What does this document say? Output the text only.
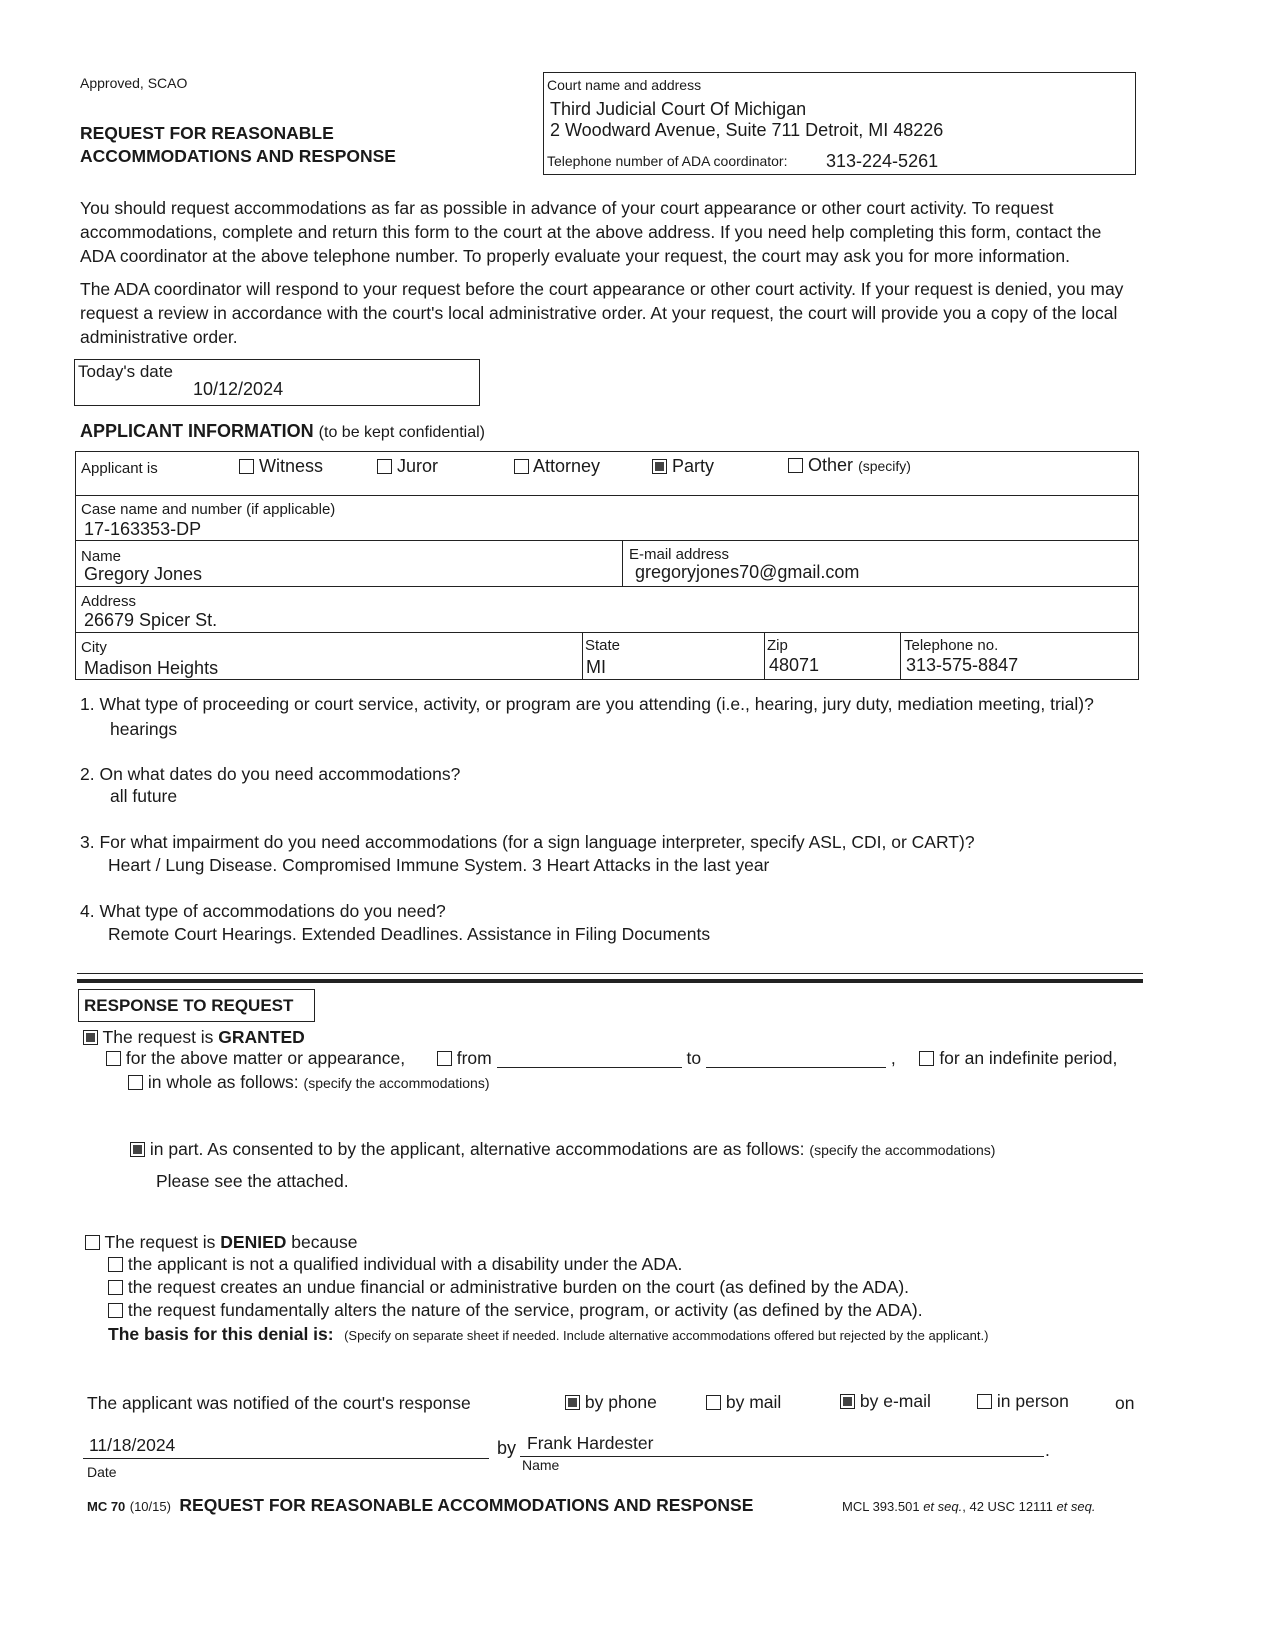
Approved, SCAO
REQUEST FOR REASONABLE
ACCOMMODATIONS AND RESPONSE
Court name and address
Third Judicial Court Of Michigan
2 Woodward Avenue, Suite 711 Detroit, MI 48226
Telephone number of ADA coordinator: 313-224-5261
You should request accommodations as far as possible in advance of your court appearance or other court activity. To request accommodations, complete and return this form to the court at the above address. If you need help completing this form, contact the ADA coordinator at the above telephone number. To properly evaluate your request, the court may ask you for more information.
The ADA coordinator will respond to your request before the court appearance or other court activity. If your request is denied, you may request a review in accordance with the court's local administrative order. At your request, the court will provide you a copy of the local administrative order.
Today's date
10/12/2024
APPLICANT INFORMATION (to be kept confidential)
Applicant is	Witness	Juror	Attorney	Party	Other (specify)
Case name and number (if applicable)
17-163353-DP
Name
Gregory Jones
E-mail address
gregoryjones70@gmail.com
Address
26679 Spicer St.
City
Madison Heights
State
MI
Zip
48071
Telephone no.
313-575-8847
1. What type of proceeding or court service, activity, or program are you attending (i.e., hearing, jury duty, mediation meeting, trial)?
hearings
2. On what dates do you need accommodations?
all future
3. For what impairment do you need accommodations (for a sign language interpreter, specify ASL, CDI, or CART)?
Heart / Lung Disease. Compromised Immune System. 3 Heart Attacks in the last year
4. What type of accommodations do you need?
Remote Court Hearings. Extended Deadlines. Assistance in Filing Documents
RESPONSE TO REQUEST
The request is GRANTED
for the above matter or appearance,	from	to	, for an indefinite period,
in whole as follows: (specify the accommodations)
in part. As consented to by the applicant, alternative accommodations are as follows: (specify the accommodations)
Please see the attached.
The request is DENIED because
the applicant is not a qualified individual with a disability under the ADA.
the request creates an undue financial or administrative burden on the court (as defined by the ADA).
the request fundamentally alters the nature of the service, program, or activity (as defined by the ADA).
The basis for this denial is: (Specify on separate sheet if needed. Include alternative accommodations offered but rejected by the applicant.)
The applicant was notified of the court's response	by phone	by mail	by e-mail	in person	on
11/18/2024
Date
by Frank Hardester	.
Name
MC 70 (10/15) REQUEST FOR REASONABLE ACCOMMODATIONS AND RESPONSE	MCL 393.501 et seq., 42 USC 12111 et seq.
